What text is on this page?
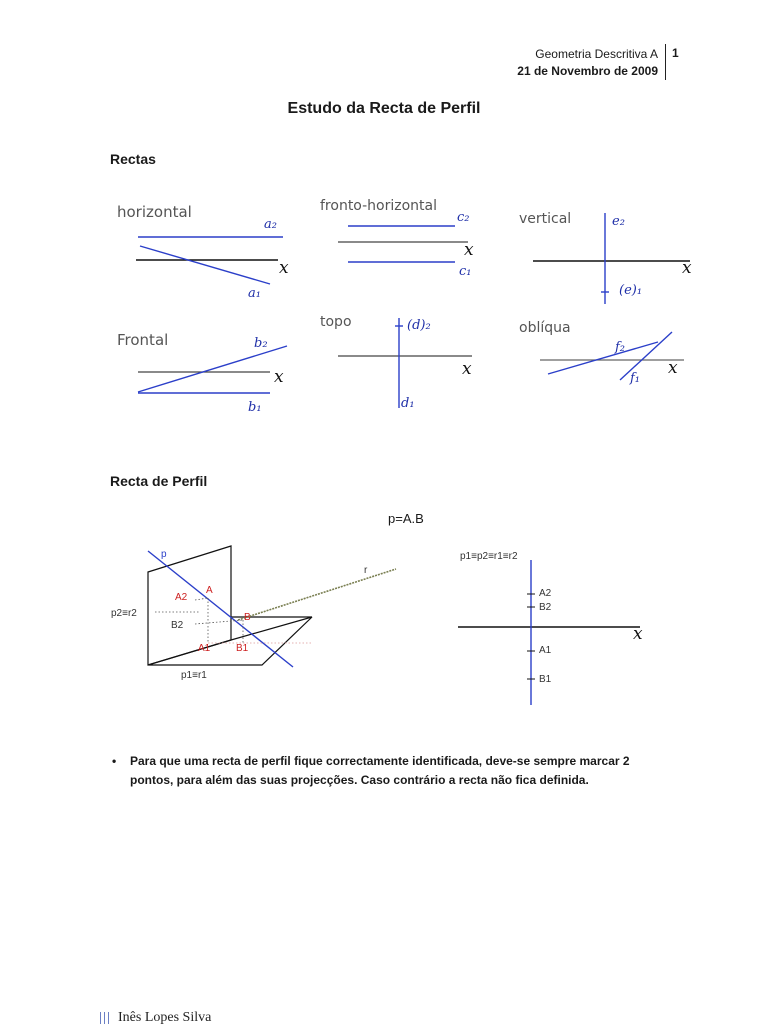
Geometria Descritiva A
21 de Novembro de 2009
1
Estudo da Recta de Perfil
Rectas
horizontal
a₂
a₁
x
fronto-horizontal
c₂
c₁
x
vertical	e₂
(e)₁
x
Frontal	b₂
b₁
x
topo	(d)₂
d₁
x
oblíqua
f₂
f₁
x
Recta de Perfil
p=A.B
p
r
A
B
A2
B2
A1	B1
p2≡r2
p1≡r1
p1≡p2≡r1≡r2
A2
B2
A1
B1
x
• Para que uma recta de perfil fique correctamente identificada, deve-se sempre marcar 2 pontos, para além das suas projecções. Caso contrário a recta não fica definida.
Inês Lopes Silva
